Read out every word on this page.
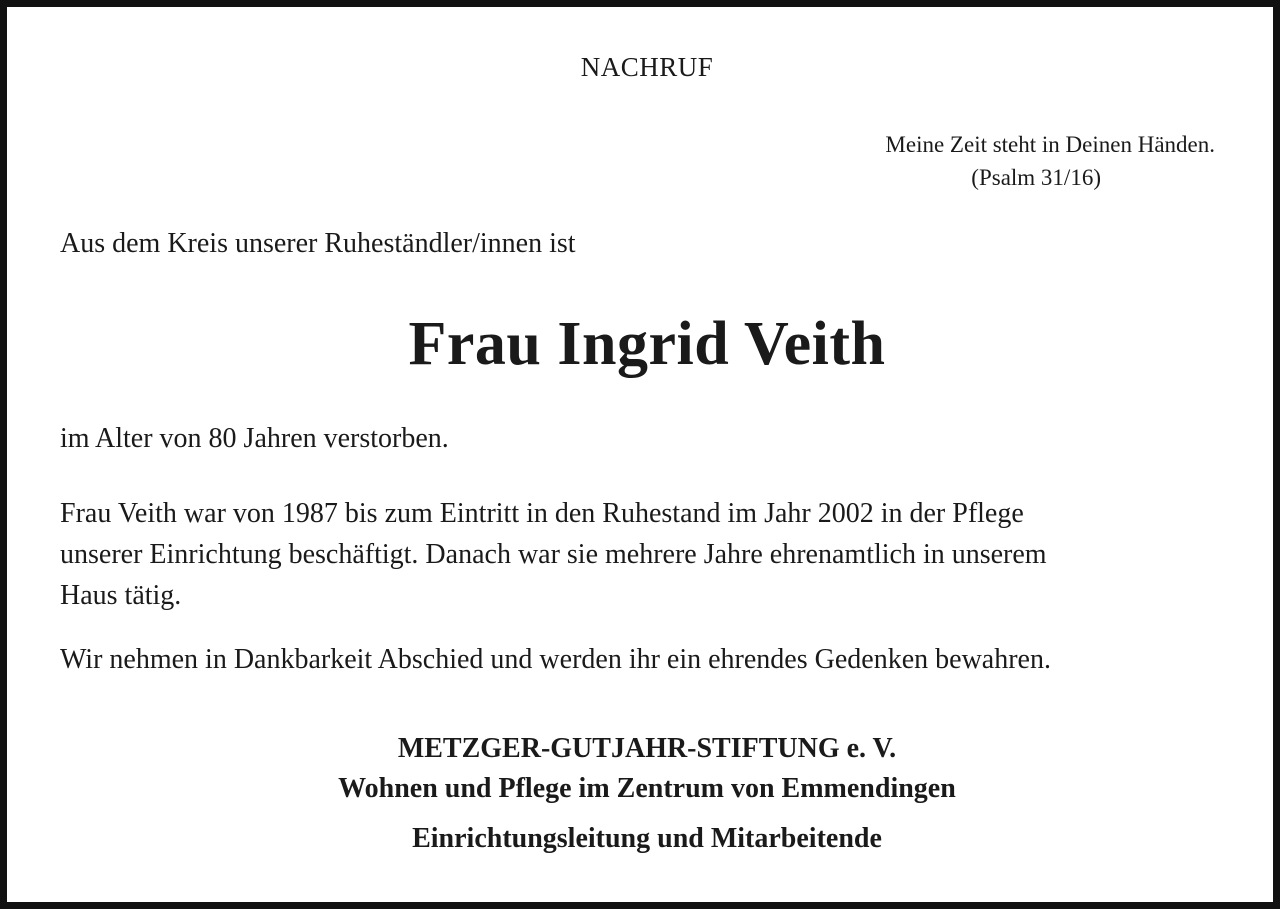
NACHRUF
Meine Zeit steht in Deinen Händen.
(Psalm 31/16)
Aus dem Kreis unserer Ruheständler/innen ist
Frau Ingrid Veith
im Alter von 80 Jahren verstorben.
Frau Veith war von 1987 bis zum Eintritt in den Ruhestand im Jahr 2002 in der Pflege
unserer Einrichtung beschäftigt. Danach war sie mehrere Jahre ehrenamtlich in unserem
Haus tätig.
Wir nehmen in Dankbarkeit Abschied und werden ihr ein ehrendes Gedenken bewahren.
METZGER-GUTJAHR-STIFTUNG e. V.
Wohnen und Pflege im Zentrum von Emmendingen
Einrichtungsleitung und Mitarbeitende
